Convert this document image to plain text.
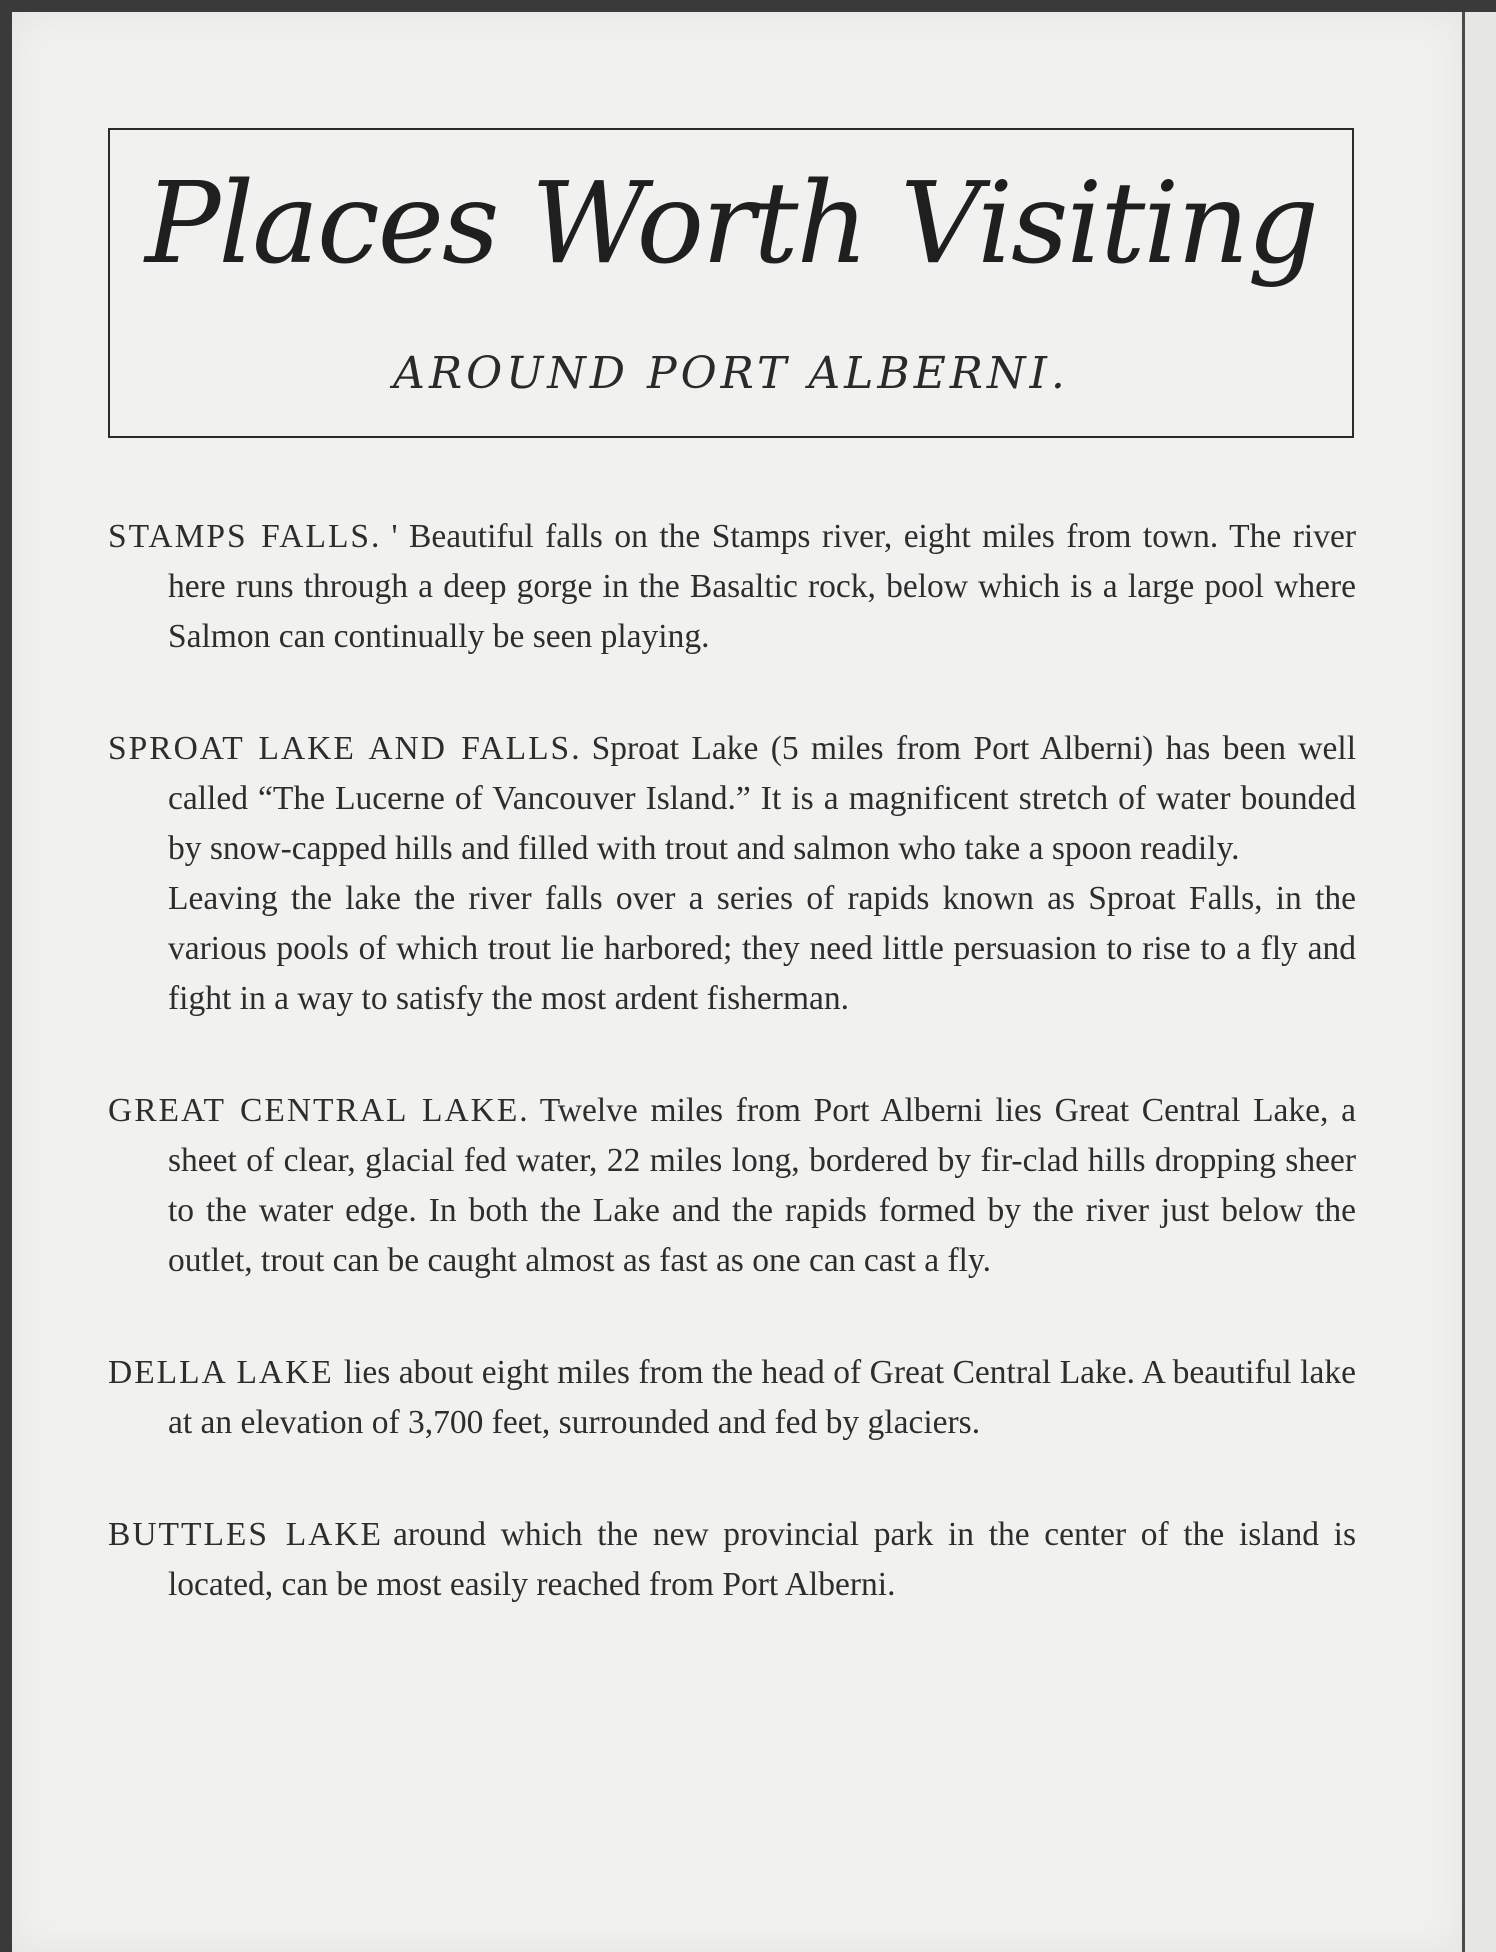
Places Worth Visiting
AROUND PORT ALBERNI.

STAMPS FALLS. ' Beautiful falls on the Stamps river, eight miles from town. The river here runs through a deep gorge in the Basaltic rock, below which is a large pool where Salmon can continually be seen playing.

SPROAT LAKE AND FALLS. Sproat Lake (5 miles from Port Alberni) has been well called “The Lucerne of Vancouver Island.” It is a magnificent stretch of water bounded by snow-capped hills and filled with trout and salmon who take a spoon readily.

Leaving the lake the river falls over a series of rapids known as Sproat Falls, in the various pools of which trout lie harbored; they need little persuasion to rise to a fly and fight in a way to satisfy the most ardent fisherman.

GREAT CENTRAL LAKE. Twelve miles from Port Alberni lies Great Central Lake, a sheet of clear, glacial fed water, 22 miles long, bordered by fir-clad hills dropping sheer to the water edge. In both the Lake and the rapids formed by the river just below the outlet, trout can be caught almost as fast as one can cast a fly.

DELLA LAKE lies about eight miles from the head of Great Central Lake. A beautiful lake at an elevation of 3,700 feet, surrounded and fed by glaciers.

BUTTLES LAKE around which the new provincial park in the center of the island is located, can be most easily reached from Port Alberni.
